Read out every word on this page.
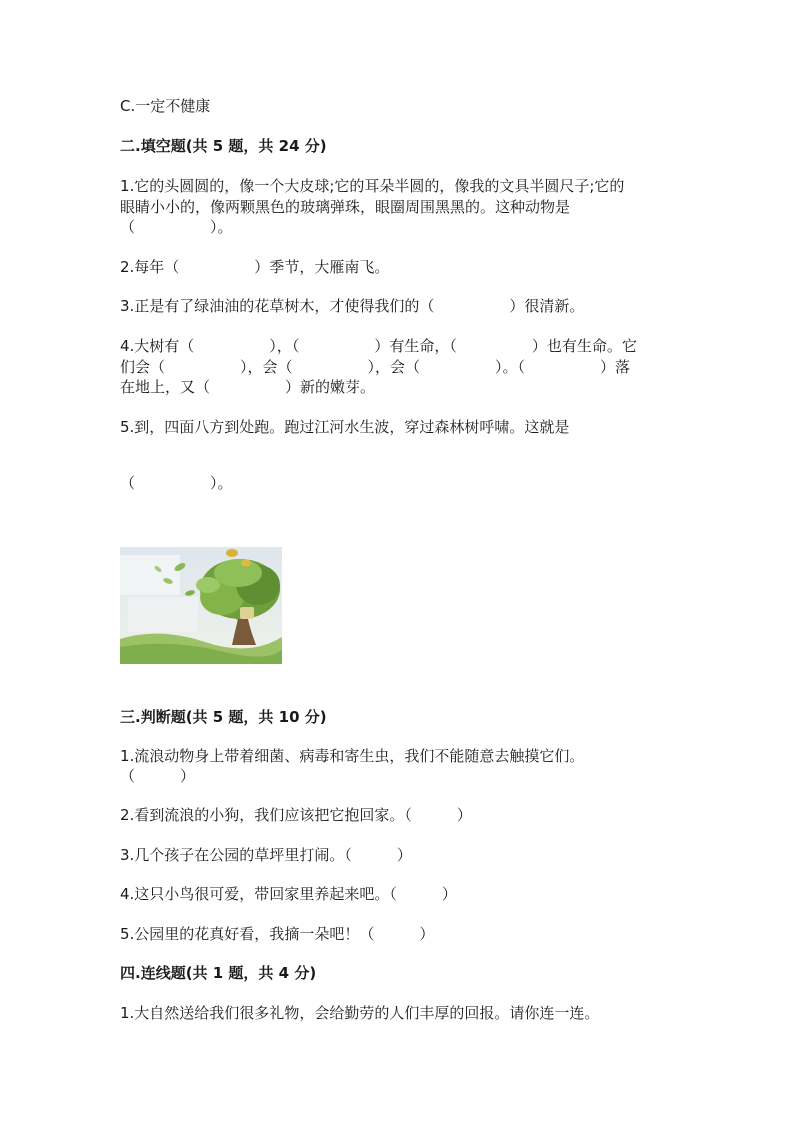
C.一定不健康
二.填空题(共 5 题，共 24 分)
1.它的头圆圆的，像一个大皮球;它的耳朵半圆的，像我的文具半圆尺子;它的
眼睛小小的，像两颗黑色的玻璃弹珠，眼圈周围黑黑的。这种动物是
（　　　　　）。
2.每年（　　　　　）季节，大雁南飞。
3.正是有了绿油油的花草树木，才使得我们的（　　　　　）很清新。
4.大树有（　　　　　），（　　　　　）有生命，（　　　　　）也有生命。它
们会（　　　　　），会（　　　　　），会（　　　　　）。（　　　　　）落
在地上，又（　　　　　）新的嫩芽。
5.到，四面八方到处跑。跑过江河水生波，穿过森林树呼啸。这就是
（　　　　　）。
三.判断题(共 5 题，共 10 分)
1.流浪动物身上带着细菌、病毒和寄生虫，我们不能随意去触摸它们。
（　　　）
2.看到流浪的小狗，我们应该把它抱回家。（　　　）
3.几个孩子在公园的草坪里打闹。（　　　）
4.这只小鸟很可爱，带回家里养起来吧。（　　　）
5.公园里的花真好看，我摘一朵吧！（　　　）
四.连线题(共 1 题，共 4 分)
1.大自然送给我们很多礼物，会给勤劳的人们丰厚的回报。请你连一连。
